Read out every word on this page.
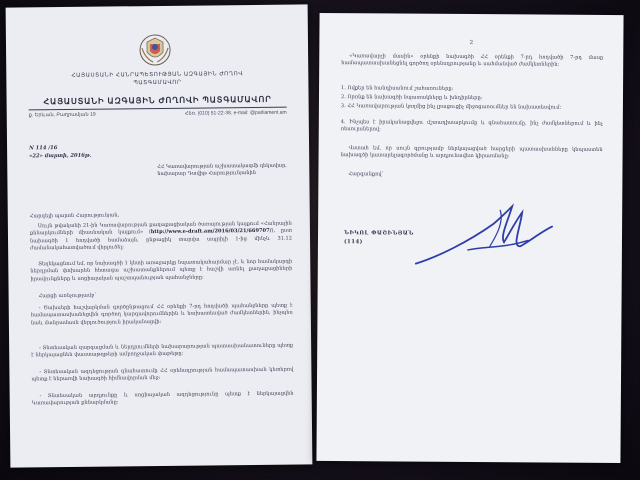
ՀԱՅԱՍՏԱՆԻ ՀԱՆՐԱՊԵՏՈՒԹՅԱՆ ԱԶԳԱՅԻՆ ԺՈՂՈՎ
ՊԱՏԳԱՄԱՎՈՐ
ՀԱՅԱՍՏԱՆԻ ԱԶԳԱՅԻՆ ԺՈՂՈՎԻ ՊԱՏԳԱՄԱՎՈՐ
ք. Երևան, Բաղրամյան 19	Հեռ. (010) 51-22-38, e-mail: @parliament.am
N 114 /16
«22» մարտի, 2016թ.
ՀՀ Կառավարության աշխատակազմի ղեկավար,
նախարար Դավիթ Հարությունյանին
Հարգելի պարոն Հարությունյան,
Սույն թվականի 21-ին Կառավարության քաղաքացիական ծառայության կայքում «Հանրային քննարկումների միասնական կայքում» (http://www.e-draft.am/2016/03/21/669707/), ըստ նախագծի 1 հոդվածի համաձայն, ընթացիկ տարվա ապրիլի 1-ից մինչև 31.12 ժամանակահատվածում վերլուծել։
Տեղեկացնում եմ, որ նախագծի 1 կետի առաջարկը նպատակահարմար չէ, և նոր համակարգի ներդրման փոխարեն հետագա աշխատանքներում պետք է հաշվի առնել քաղաքացիների իրավունքները և սոցիալական պաշտպանության պահանջները։
Հարցի առնչությամբ՝
- Ծախսերի հաշվարկման գործընթացում ՀՀ օրենքի 7-րդ հոդվածի պահանջները պետք է համապատասխանեցվեն գործող կարգավորումներին և նախատեսված ժամկետներին, ինչպես նաև մանրամասն վերլուծություն իրականացվի։
- Տնտեսական զարգացման և ներդրումների նախարարության պատասխանատուները պետք է ներկայացնեն փաստաթղթերի ամբողջական փաթեթը։
- Տնտեսական ազդեցության գնահատումը ՀՀ օրենսդրության համապատասխան կետերով պետք է ներառվի նախագծի հիմնավորման մեջ։
- Տնտեսական արդյունքը և սոցիալական ազդեցությունը պետք է ներկայացվեն Կառավարության քննարկմանը։
2
«Կառավարչի մասին» օրենքի նախագծի ՀՀ օրենքի 7-րդ հոդվածի 7-րդ մասը համապատասխանեցնել գործող օրենսդրությանը և սահմանված ժամկետներին։
1. Ովքեր են հանդիսանում շահառուները։
2. Որոնք են նախագծի նպատակները և խնդիրները։
3. ՀՀ Կառավարության կողմից ինչ լրացուցիչ միջոցառումներ են նախատեսվում։
4. Ինչպես է իրականացվելու մշտադիտարկումը և գնահատումը, ինչ ժամկետներում և ինչ ռեսուրսներով։
Վստահ եմ, որ սույն գրությամբ ներկայացված հարցերի պատասխանները կնպաստեն նախագծի կատարելագործմանը և արդյունավետ կիրառմանը։
Հարգանքով՝
ՆԻԿՈԼ ՓԱՇԻՆՅԱՆ
(114)
